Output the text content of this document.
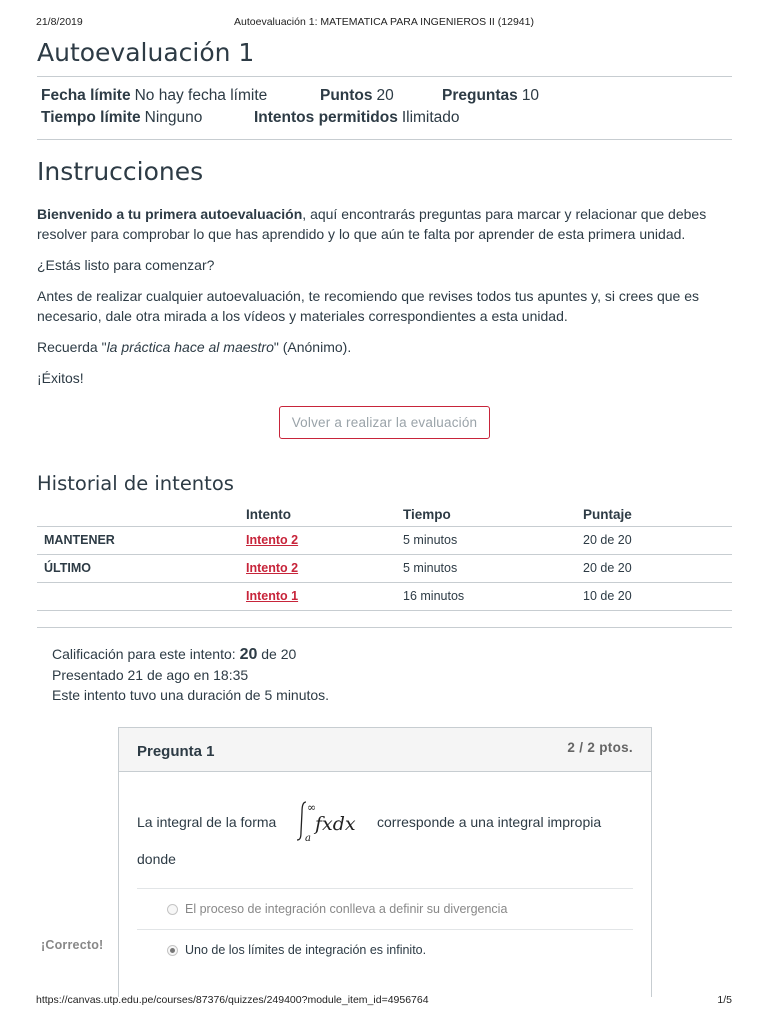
21/8/2019	Autoevaluación 1: MATEMATICA PARA INGENIEROS II (12941)
Autoevaluación 1
Fecha límite No hay fecha límite	Puntos 20	Preguntas 10
Tiempo límite Ninguno	Intentos permitidos Ilimitado
Instrucciones

Bienvenido a tu primera autoevaluación, aquí encontrarás preguntas para marcar y relacionar que debes resolver para comprobar lo que has aprendido y lo que aún te falta por aprender de esta primera unidad.

¿Estás listo para comenzar?

Antes de realizar cualquier autoevaluación, te recomiendo que revises todos tus apuntes y, si crees que es necesario, dale otra mirada a los vídeos y materiales correspondientes a esta unidad.

Recuerda "la práctica hace al maestro" (Anónimo).

¡Éxitos!

Volver a realizar la evaluación
Historial de intentos
	Intento	Tiempo	Puntaje
MANTENER	Intento 2	5 minutos	20 de 20
ÚLTIMO	Intento 2	5 minutos	20 de 20
	Intento 1	16 minutos	10 de 20
Calificación para este intento: 20 de 20
Presentado 21 de ago en 18:35
Este intento tuvo una duración de 5 minutos.
Pregunta 1	2 / 2 ptos.
La integral de la forma
∞
a
fxdx corresponde a una integral impropia
donde
El proceso de integración conlleva a definir su divergencia
Uno de los límites de integración es infinito.
¡Correcto!
https://canvas.utp.edu.pe/courses/87376/quizzes/249400?module_item_id=4956764	1/5
